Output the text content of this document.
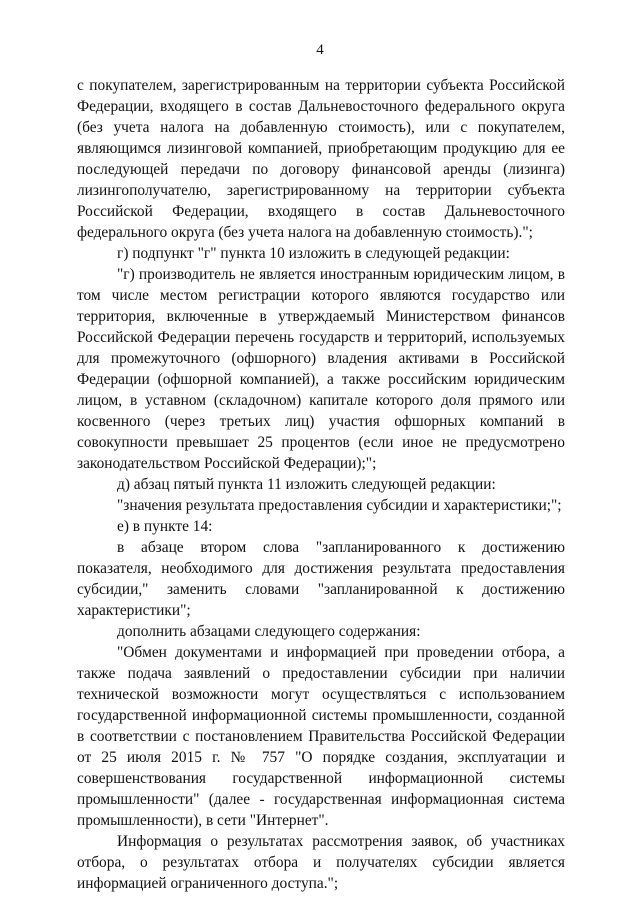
4

с покупателем, зарегистрированным на территории субъекта Российской Федерации, входящего в состав Дальневосточного федерального округа (без учета налога на добавленную стоимость), или с покупателем, являющимся лизинговой компанией, приобретающим продукцию для ее последующей передачи по договору финансовой аренды (лизинга) лизингополучателю, зарегистрированному на территории субъекта Российской Федерации, входящего в состав Дальневосточного федерального округа (без учета налога на добавленную стоимость).";

г) подпункт "г" пункта 10 изложить в следующей редакции:

"г) производитель не является иностранным юридическим лицом, в том числе местом регистрации которого являются государство или территория, включенные в утверждаемый Министерством финансов Российской Федерации перечень государств и территорий, используемых для промежуточного (офшорного) владения активами в Российской Федерации (офшорной компанией), а также российским юридическим лицом, в уставном (складочном) капитале которого доля прямого или косвенного (через третьих лиц) участия офшорных компаний в совокупности превышает 25 процентов (если иное не предусмотрено законодательством Российской Федерации);";

д) абзац пятый пункта 11 изложить следующей редакции:

"значения результата предоставления субсидии и характеристики;";

е) в пункте 14:

в абзаце втором слова "запланированного к достижению показателя, необходимого для достижения результата предоставления субсидии," заменить словами "запланированной к достижению характеристики";

дополнить абзацами следующего содержания:

"Обмен документами и информацией при проведении отбора, а также подача заявлений о предоставлении субсидии при наличии технической возможности могут осуществляться с использованием государственной информационной системы промышленности, созданной в соответствии с постановлением Правительства Российской Федерации от 25 июля 2015 г. № 757 "О порядке создания, эксплуатации и совершенствования государственной информационной системы промышленности" (далее - государственная информационная система промышленности), в сети "Интернет".

Информация о результатах рассмотрения заявок, об участниках отбора, о результатах отбора и получателях субсидии является информацией ограниченного доступа.";
